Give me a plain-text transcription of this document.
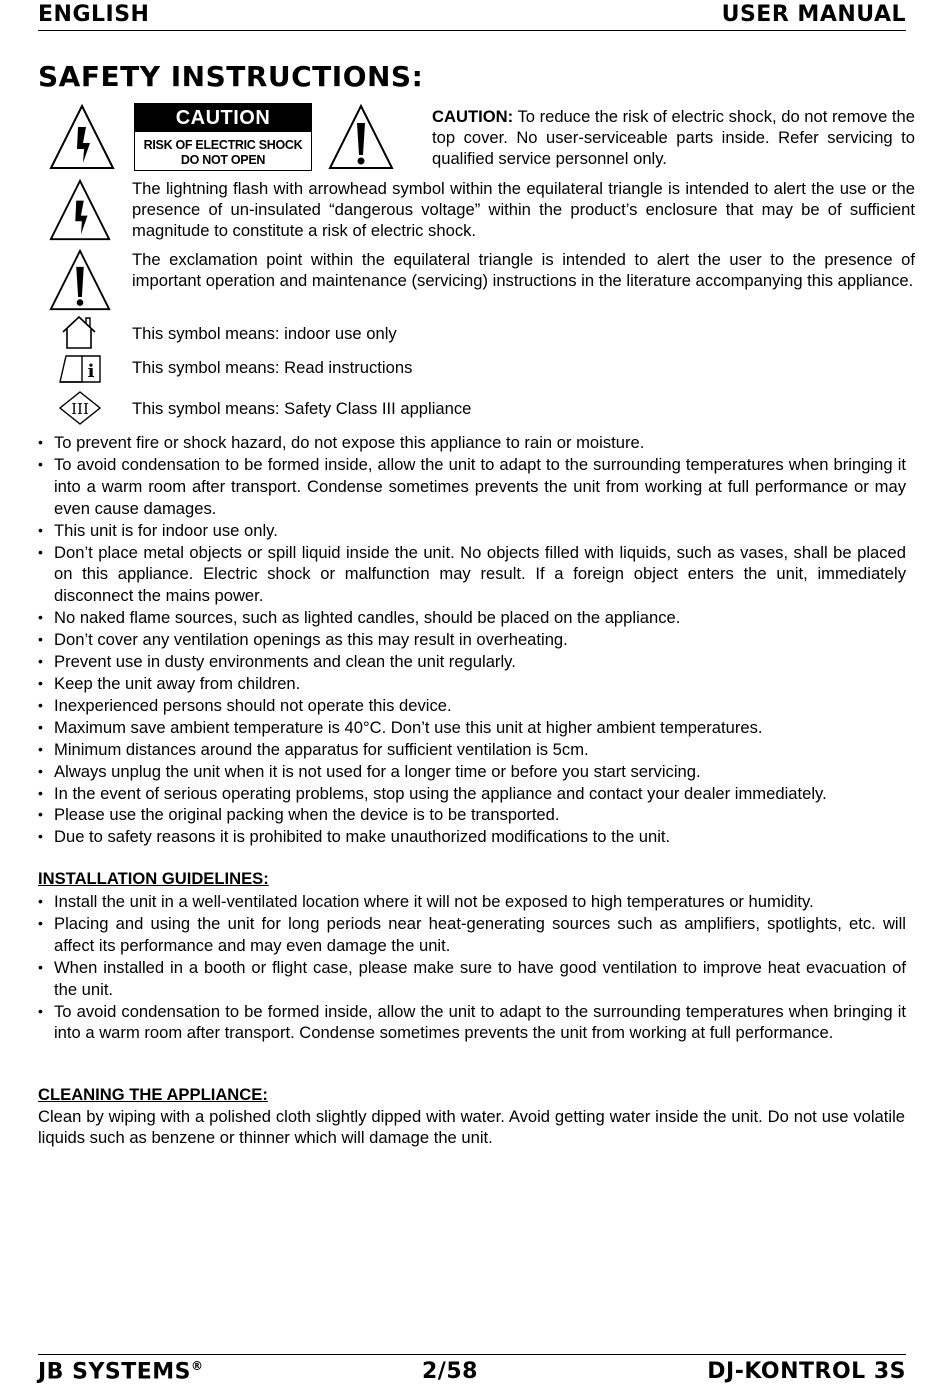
ENGLISH	USER MANUAL
SAFETY INSTRUCTIONS:
CAUTION
RISK OF ELECTRIC SHOCK
DO NOT OPEN
CAUTION: To reduce the risk of electric shock, do not remove the top cover. No user-serviceable parts inside. Refer servicing to qualified service personnel only.
The lightning flash with arrowhead symbol within the equilateral triangle is intended to alert the use or the presence of un-insulated “dangerous voltage” within the product’s enclosure that may be of sufficient magnitude to constitute a risk of electric shock.
The exclamation point within the equilateral triangle is intended to alert the user to the presence of important operation and maintenance (servicing) instructions in the literature accompanying this appliance.
This symbol means: indoor use only
i This symbol means: Read instructions
III	This symbol means: Safety Class III appliance
• To prevent fire or shock hazard, do not expose this appliance to rain or moisture.
• To avoid condensation to be formed inside, allow the unit to adapt to the surrounding temperatures when bringing it into a warm room after transport. Condense sometimes prevents the unit from working at full performance or may even cause damages.
• This unit is for indoor use only.
• Don’t place metal objects or spill liquid inside the unit. No objects filled with liquids, such as vases, shall be placed on this appliance. Electric shock or malfunction may result. If a foreign object enters the unit, immediately disconnect the mains power.
• No naked flame sources, such as lighted candles, should be placed on the appliance.
• Don’t cover any ventilation openings as this may result in overheating.
• Prevent use in dusty environments and clean the unit regularly.
• Keep the unit away from children.
• Inexperienced persons should not operate this device.
• Maximum save ambient temperature is 40°C. Don’t use this unit at higher ambient temperatures.
• Minimum distances around the apparatus for sufficient ventilation is 5cm.
• Always unplug the unit when it is not used for a longer time or before you start servicing.
• In the event of serious operating problems, stop using the appliance and contact your dealer immediately.
• Please use the original packing when the device is to be transported.
• Due to safety reasons it is prohibited to make unauthorized modifications to the unit.
INSTALLATION GUIDELINES:
• Install the unit in a well-ventilated location where it will not be exposed to high temperatures or humidity.
• Placing and using the unit for long periods near heat-generating sources such as amplifiers, spotlights, etc. will affect its performance and may even damage the unit.
• When installed in a booth or flight case, please make sure to have good ventilation to improve heat evacuation of the unit.
• To avoid condensation to be formed inside, allow the unit to adapt to the surrounding temperatures when bringing it into a warm room after transport. Condense sometimes prevents the unit from working at full performance.
CLEANING THE APPLIANCE:
Clean by wiping with a polished cloth slightly dipped with water. Avoid getting water inside the unit. Do not use volatile liquids such as benzene or thinner which will damage the unit.
JB SYSTEMS®	2/58	DJ-KONTROL 3S
